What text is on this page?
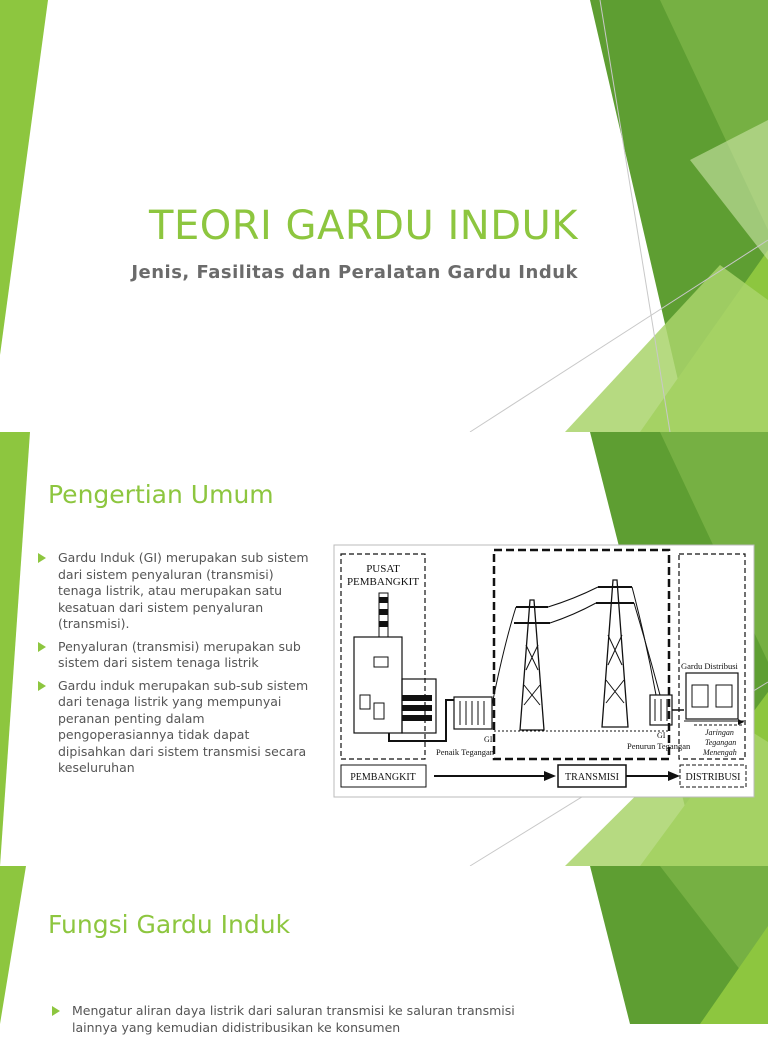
TEORI GARDU INDUK
Jenis, Fasilitas dan Peralatan Gardu Induk
Pengertian Umum
Gardu Induk (GI) merupakan sub sistem dari sistem penyaluran (transmisi) tenaga listrik, atau merupakan satu kesatuan dari sistem penyaluran (transmisi).
Penyaluran (transmisi) merupakan sub sistem dari sistem tenaga listrik
Gardu induk merupakan sub-sub sistem dari tenaga listrik yang mempunyai peranan penting dalam pengoperasiannya tidak dapat dipisahkan dari sistem transmisi secara keseluruhan
PUSAT
PEMBANGKIT
GI
Penaik Tegangan
GI
Penurun Tegangan
Gardu Distribusi
Jaringan
Tegangan
Menengah
PEMBANGKIT	TRANSMISI	DISTRIBUSI
Fungsi Gardu Induk
Mengatur aliran daya listrik dari saluran transmisi ke saluran transmisi lainnya yang kemudian didistribusikan ke konsumen
